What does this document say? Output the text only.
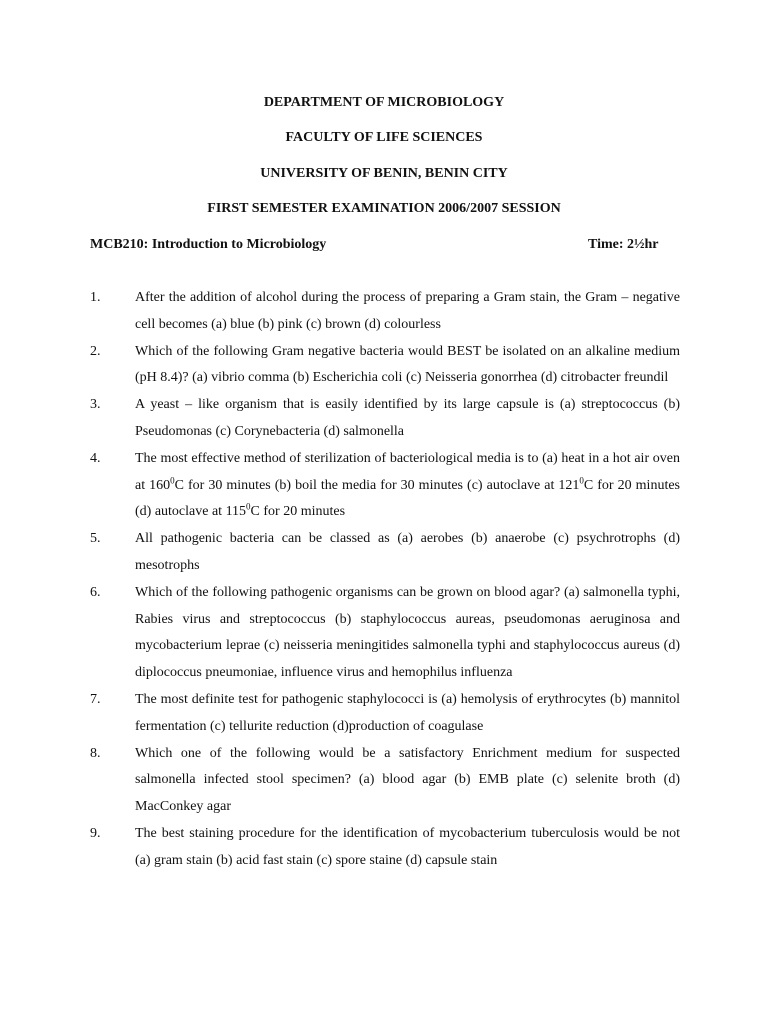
DEPARTMENT OF MICROBIOLOGY
FACULTY OF LIFE SCIENCES
UNIVERSITY OF BENIN, BENIN CITY
FIRST SEMESTER EXAMINATION 2006/2007 SESSION
MCB210: Introduction to Microbiology	Time: 2½hr
1.	After the addition of alcohol during the process of preparing a Gram stain, the Gram – negative cell becomes (a) blue (b) pink (c) brown (d) colourless
2.	Which of the following Gram negative bacteria would BEST be isolated on an alkaline medium (pH 8.4)? (a) vibrio comma (b) Escherichia coli (c) Neisseria gonorrhea (d) citrobacter freundil
3.	A yeast – like organism that is easily identified by its large capsule is (a) streptococcus (b) Pseudomonas (c) Corynebacteria (d) salmonella
4.	The most effective method of sterilization of bacteriological media is to (a) heat in a hot air oven at $160^0C$ for 30 minutes (b) boil the media for 30 minutes (c) autoclave at $121^0C$ for 20 minutes (d) autoclave at $115^0C$ for 20 minutes
5.	All pathogenic bacteria can be classed as (a) aerobes (b) anaerobe (c) psychrotrophs (d) mesotrophs
6.	Which of the following pathogenic organisms can be grown on blood agar? (a) salmonella typhi, Rabies virus and streptococcus (b) staphylococcus aureas, pseudomonas aeruginosa and mycobacterium leprae (c) neisseria meningitides salmonella typhi and staphylococcus aureus (d) diplococcus pneumoniae, influence virus and hemophilus influenza
7.	The most definite test for pathogenic staphylococci is (a) hemolysis of erythrocytes (b) mannitol fermentation (c) tellurite reduction (d)production of coagulase
8.	Which one of the following would be a satisfactory Enrichment medium for suspected salmonella infected stool specimen? (a) blood agar (b) EMB plate (c) selenite broth (d) MacConkey agar
9.	The best staining procedure for the identification of mycobacterium tuberculosis would be not (a) gram stain (b) acid fast stain (c) spore staine (d) capsule stain
